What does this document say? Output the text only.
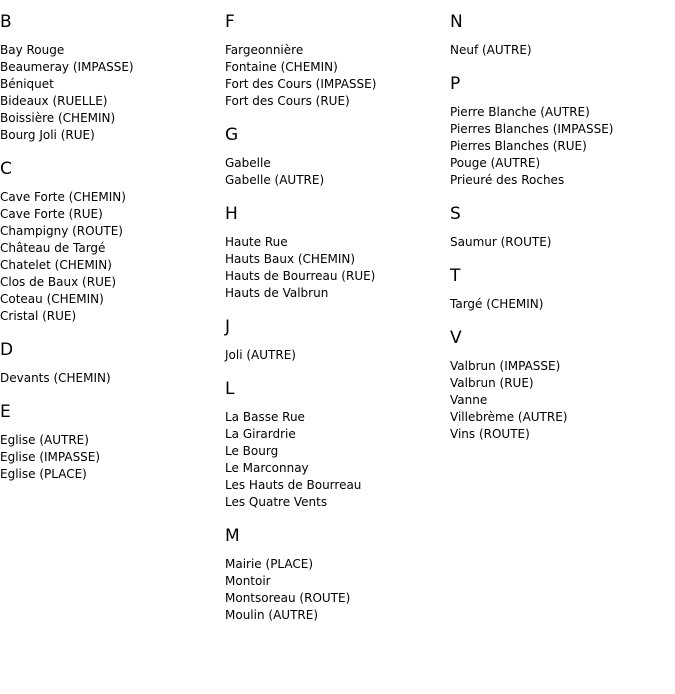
B
Bay Rouge
Beaumeray (IMPASSE)
Béniquet
Bideaux (RUELLE)
Boissière (CHEMIN)
Bourg Joli (RUE)
C
Cave Forte (CHEMIN)
Cave Forte (RUE)
Champigny (ROUTE)
Château de Targé
Chatelet (CHEMIN)
Clos de Baux (RUE)
Coteau (CHEMIN)
Cristal (RUE)
D
Devants (CHEMIN)
E
Eglise (AUTRE)
Eglise (IMPASSE)
Eglise (PLACE)
F
Fargeonnière
Fontaine (CHEMIN)
Fort des Cours (IMPASSE)
Fort des Cours (RUE)
G
Gabelle
Gabelle (AUTRE)
H
Haute Rue
Hauts Baux (CHEMIN)
Hauts de Bourreau (RUE)
Hauts de Valbrun
J
Joli (AUTRE)
L
La Basse Rue
La Girardrie
Le Bourg
Le Marconnay
Les Hauts de Bourreau
Les Quatre Vents
M
Mairie (PLACE)
Montoir
Montsoreau (ROUTE)
Moulin (AUTRE)
N
Neuf (AUTRE)
P
Pierre Blanche (AUTRE)
Pierres Blanches (IMPASSE)
Pierres Blanches (RUE)
Pouge (AUTRE)
Prieuré des Roches
S
Saumur (ROUTE)
T
Targé (CHEMIN)
V
Valbrun (IMPASSE)
Valbrun (RUE)
Vanne
Villebrème (AUTRE)
Vins (ROUTE)
